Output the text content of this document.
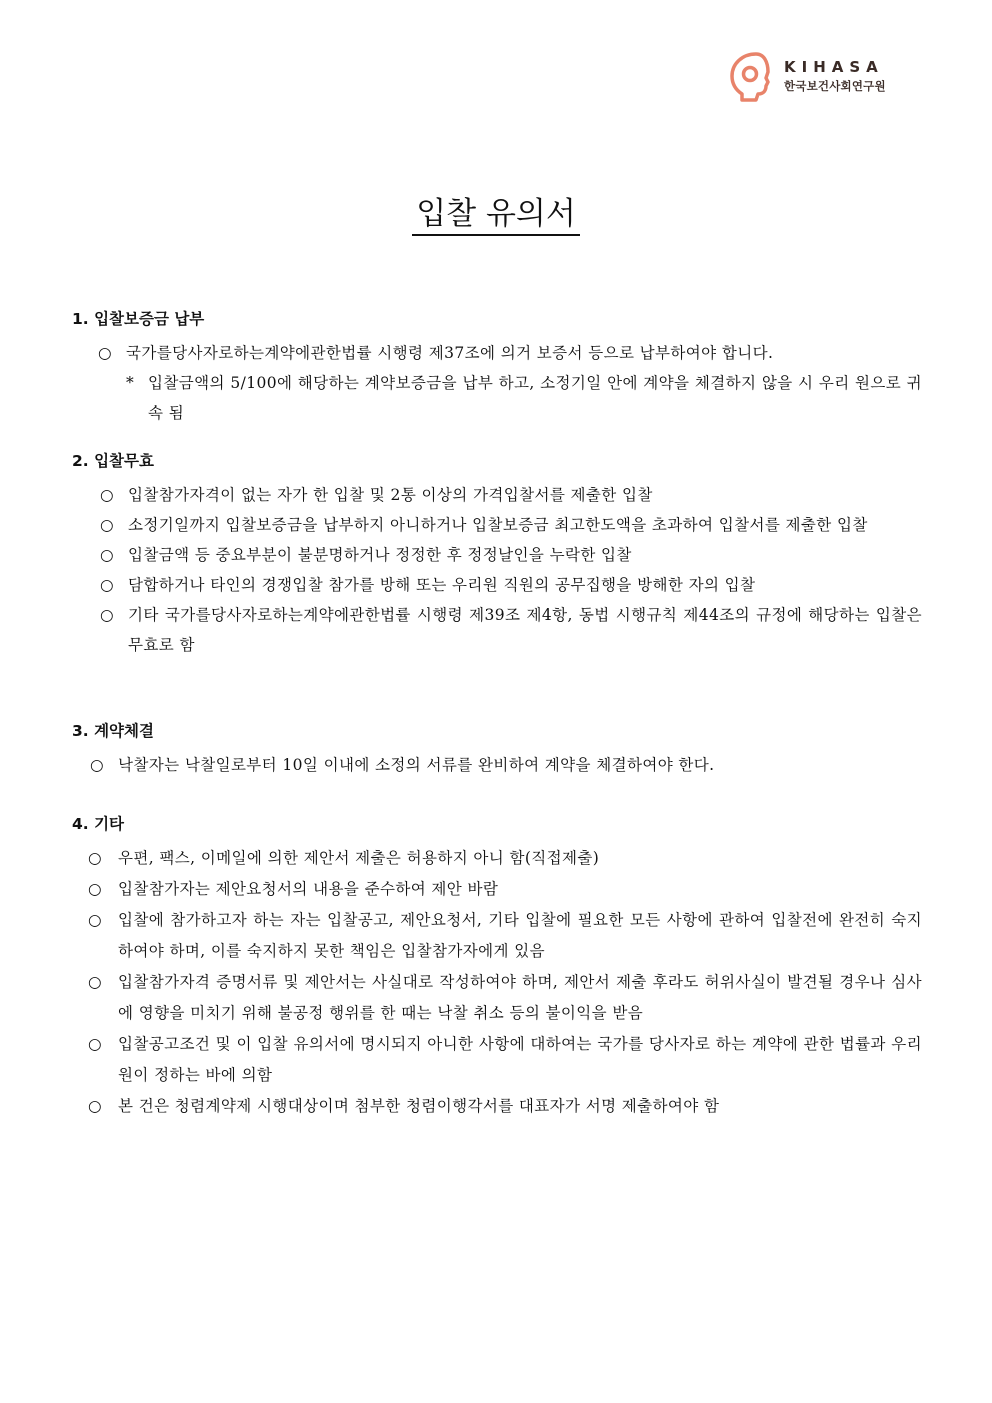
KIHASA
한국보건사회연구원
입찰 유의서
1. 입찰보증금 납부
○ 국가를당사자로하는계약에관한법률 시행령 제37조에 의거 보증서 등으로 납부하여야 합니다.
* 입찰금액의 5/100에 해당하는 계약보증금을 납부 하고, 소정기일 안에 계약을 체결하지 않을 시 우리 원으로 귀속 됨
2. 입찰무효
○ 입찰참가자격이 없는 자가 한 입찰 및 2통 이상의 가격입찰서를 제출한 입찰
○ 소정기일까지 입찰보증금을 납부하지 아니하거나 입찰보증금 최고한도액을 초과하여 입찰서를 제출한 입찰
○ 입찰금액 등 중요부분이 불분명하거나 정정한 후 정정날인을 누락한 입찰
○ 담합하거나 타인의 경쟁입찰 참가를 방해 또는 우리원 직원의 공무집행을 방해한 자의 입찰
○ 기타 국가를당사자로하는계약에관한법률 시행령 제39조 제4항, 동법 시행규칙 제44조의 규정에 해당하는 입찰은 무효로 함
3. 계약체결
○ 낙찰자는 낙찰일로부터 10일 이내에 소정의 서류를 완비하여 계약을 체결하여야 한다.
4. 기타
○ 우편, 팩스, 이메일에 의한 제안서 제출은 허용하지 아니 함(직접제출)
○ 입찰참가자는 제안요청서의 내용을 준수하여 제안 바람
○ 입찰에 참가하고자 하는 자는 입찰공고, 제안요청서, 기타 입찰에 필요한 모든 사항에 관하여 입찰전에 완전히 숙지하여야 하며, 이를 숙지하지 못한 책임은 입찰참가자에게 있음
○ 입찰참가자격 증명서류 및 제안서는 사실대로 작성하여야 하며, 제안서 제출 후라도 허위사실이 발견될 경우나 심사에 영향을 미치기 위해 불공정 행위를 한 때는 낙찰 취소 등의 불이익을 받음
○ 입찰공고조건 및 이 입찰 유의서에 명시되지 아니한 사항에 대하여는 국가를 당사자로 하는 계약에 관한 법률과 우리원이 정하는 바에 의함
○ 본 건은 청렴계약제 시행대상이며 첨부한 청렴이행각서를 대표자가 서명 제출하여야 함
